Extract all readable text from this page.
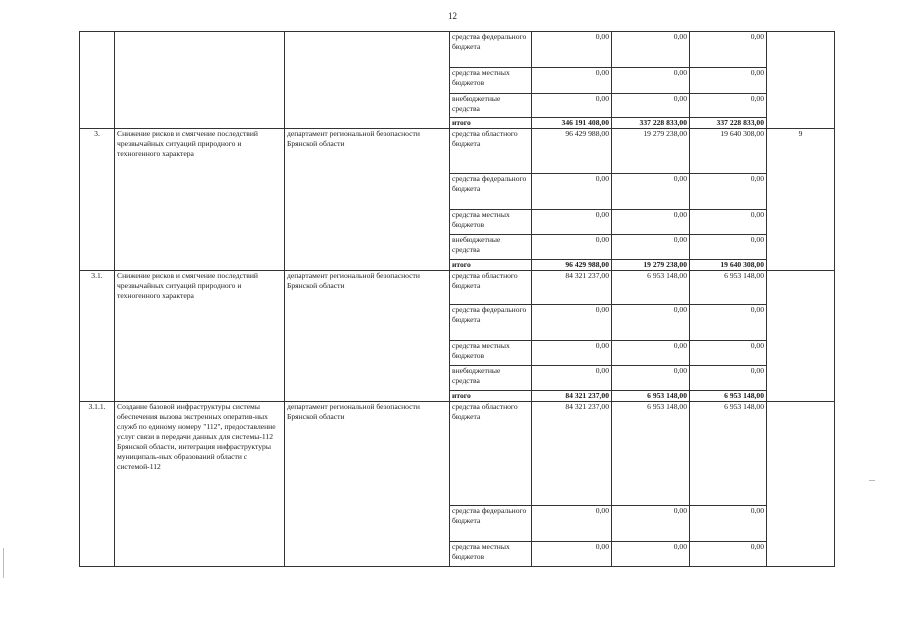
12
			средства федерального бюджета	0,00	0,00	0,00	
			средства местных бюджетов	0,00	0,00	0,00	
			внебюджетные средства	0,00	0,00	0,00	
			итого	346 191 408,00	337 228 833,00	337 228 833,00	
3.	Снижение рисков и смягчение последствий чрезвычайных ситуаций природного и техногенного характера	департамент региональной безопасности Брянской области	средства областного бюджета	96 429 988,00	19 279 238,00	19 640 308,00	9
			средства федерального бюджета	0,00	0,00	0,00	
			средства местных бюджетов	0,00	0,00	0,00	
			внебюджетные средства	0,00	0,00	0,00	
			итого	96 429 988,00	19 279 238,00	19 640 308,00	
3.1.	Снижение рисков и смягчение последствий чрезвычайных ситуаций природного и техногенного характера	департамент региональной безопасности Брянской области	средства областного бюджета	84 321 237,00	6 953 148,00	6 953 148,00	
			средства федерального бюджета	0,00	0,00	0,00	
			средства местных бюджетов	0,00	0,00	0,00	
			внебюджетные средства	0,00	0,00	0,00	
			итого	84 321 237,00	6 953 148,00	6 953 148,00	
3.1.1.	Создание базовой инфраструктуры системы обеспечения вызова экстренных оператив-ных служб по единому номеру "112", предоставление услуг связи в передачи данных для системы-112 Брянской области, интеграция инфраструктуры муниципаль-ных образований области с системой-112	департамент региональной безопасности Брянской области	средства областного бюджета	84 321 237,00	6 953 148,00	6 953 148,00	
			средства федерального бюджета	0,00	0,00	0,00	
			средства местных бюджетов	0,00	0,00	0,00	
